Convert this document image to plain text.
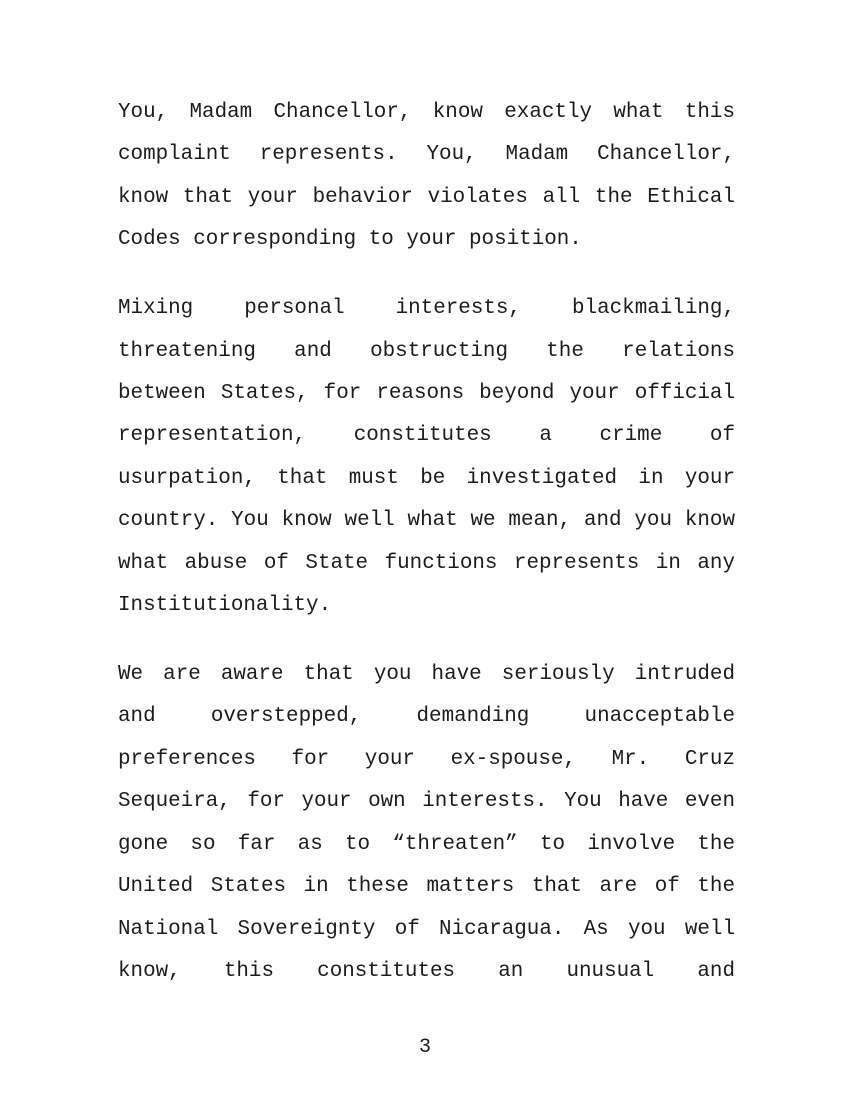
You, Madam Chancellor, know exactly what this
complaint represents. You, Madam Chancellor,
know that your behavior violates all the Ethical
Codes corresponding to your position.
Mixing personal interests, blackmailing,
threatening and obstructing the relations
between States, for reasons beyond your official
representation, constitutes a crime of
usurpation, that must be investigated in your
country. You know well what we mean, and you know
what abuse of State functions represents in any
Institutionality.
We are aware that you have seriously intruded
and overstepped, demanding unacceptable
preferences for your ex-spouse, Mr. Cruz
Sequeira, for your own interests. You have even
gone so far as to “threaten” to involve the
United States in these matters that are of the
National Sovereignty of Nicaragua. As you well
know, this constitutes an unusual and
3
